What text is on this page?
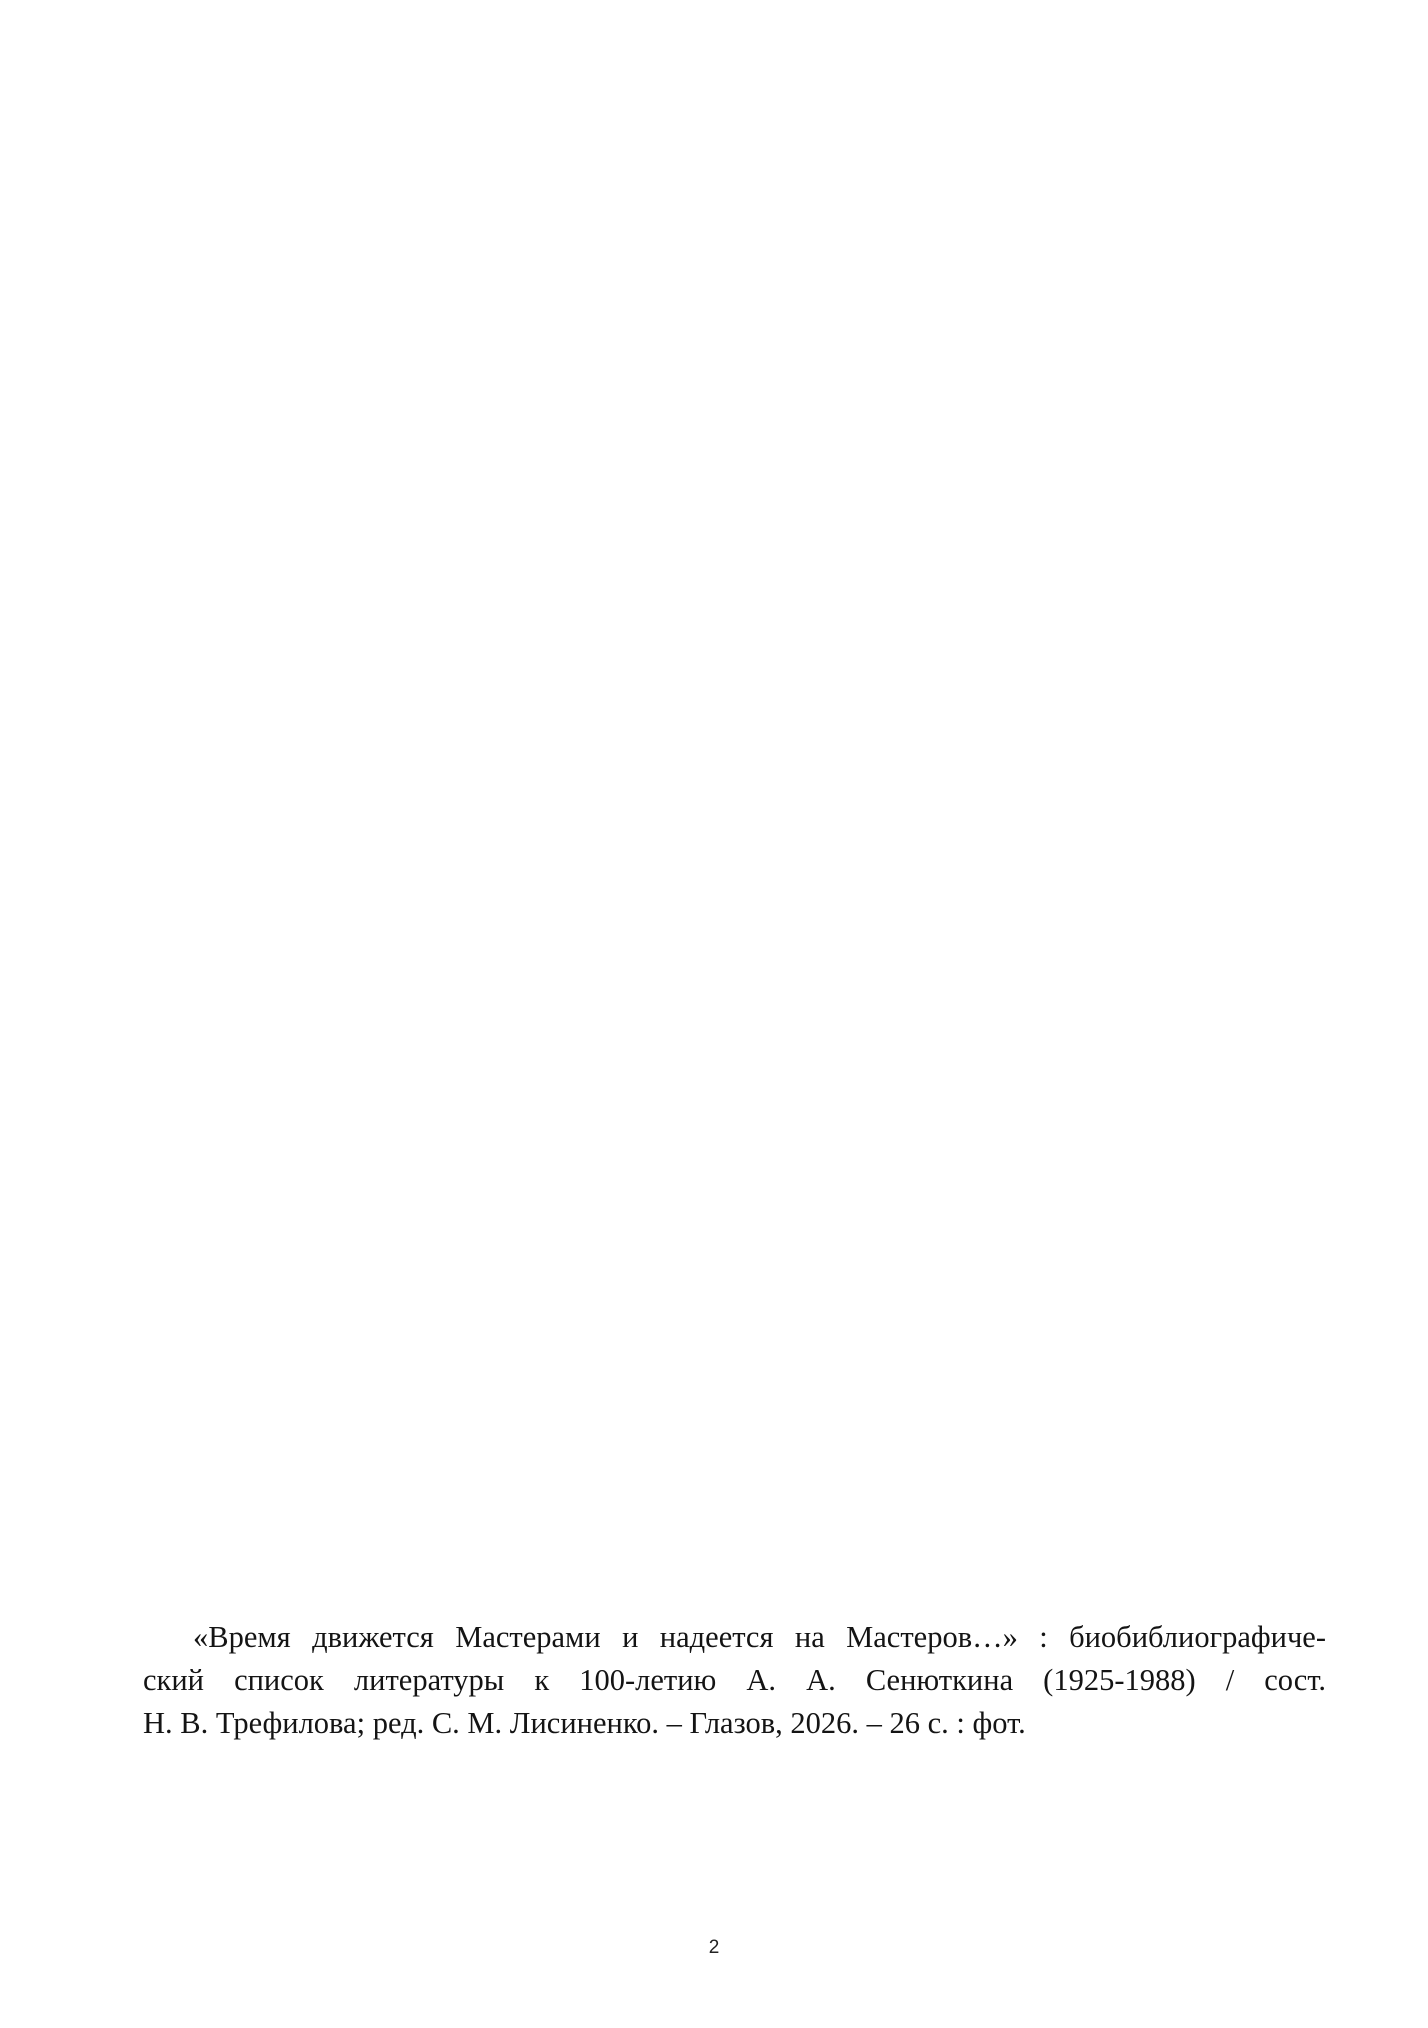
«Время движется Мастерами и надеется на Мастеров…» : биобиблиографиче-
ский список литературы к 100-летию А. А. Сенюткина (1925-1988) / сост.
Н. В. Трефилова; ред. С. М. Лисиненко. – Глазов, 2026. – 26 с. : фот.

2
